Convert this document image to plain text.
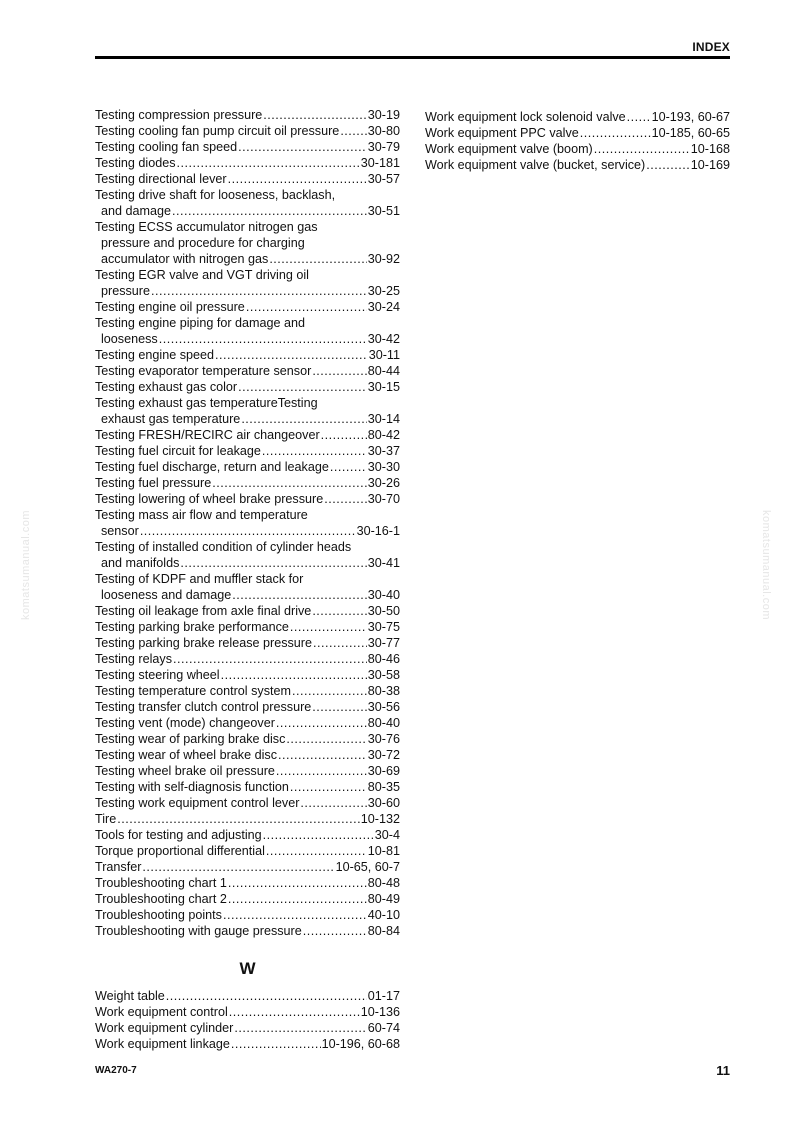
INDEX
Testing compression pressure .....	30-19
Testing cooling fan pump circuit oil pressure ..... 30-80
Testing cooling fan speed .....	30-79
Testing diodes .....	30-181
Testing directional lever .....	30-57
Testing drive shaft for looseness, backlash,
and damage .....	30-51
Testing ECSS accumulator nitrogen gas
pressure and procedure for charging
accumulator with nitrogen gas .....	30-92
Testing EGR valve and VGT driving oil
pressure .....	30-25
Testing engine oil pressure .....	30-24
Testing engine piping for damage and
looseness .....	30-42
Testing engine speed .....	30-11
Testing evaporator temperature sensor .....	80-44
Testing exhaust gas color .....	30-15
Testing exhaust gas temperatureTesting
exhaust gas temperature .....	30-14
Testing FRESH/RECIRC air changeover .....	80-42
Testing fuel circuit for leakage .....	30-37
Testing fuel discharge, return and leakage .....	30-30
Testing fuel pressure .....	30-26
Testing lowering of wheel brake pressure .....	30-70
Testing mass air flow and temperature
sensor .....	30-16-1
Testing of installed condition of cylinder heads
and manifolds .....	30-41
Testing of KDPF and muffler stack for
looseness and damage .....	30-40
Testing oil leakage from axle final drive .....	30-50
Testing parking brake performance .....	30-75
Testing parking brake release pressure .....	30-77
Testing relays .....	80-46
Testing steering wheel .....	30-58
Testing temperature control system .....	80-38
Testing transfer clutch control pressure .....	30-56
Testing vent (mode) changeover .....	80-40
Testing wear of parking brake disc .....	30-76
Testing wear of wheel brake disc .....	30-72
Testing wheel brake oil pressure .....	30-69
Testing with self-diagnosis function .....	80-35
Testing work equipment control lever .....	30-60
Tire .....	10-132
Tools for testing and adjusting .....	30-4
Torque proportional differential .....	10-81
Transfer .....	10-65, 60-7
Troubleshooting chart 1 .....	80-48
Troubleshooting chart 2 .....	80-49
Troubleshooting points .....	40-10
Troubleshooting with gauge pressure .....	80-84
W
Weight table .....	01-17
Work equipment control .....	10-136
Work equipment cylinder .....	60-74
Work equipment linkage .....	10-196, 60-68
Work equipment lock solenoid valve ..... 10-193, 60-67
Work equipment PPC valve .....	10-185, 60-65
Work equipment valve (boom) .....	10-168
Work equipment valve (bucket, service) .....	10-169
WA270-7	11
komatsumanual.com	komatsumanual.com
